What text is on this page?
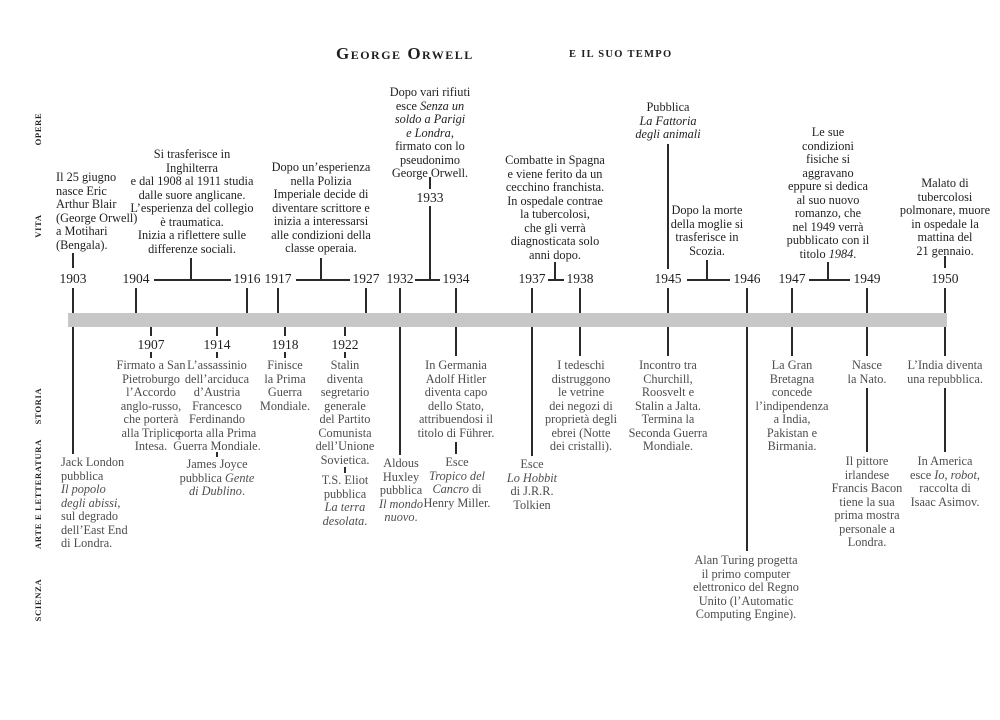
George Orwell	E IL SUO TEMPO
OPERE
VITA
STORIA
ARTE E LETTERATURA
SCIENZA
1903	1904	1916 1917	1927 1932 1934	1937 1938	1945	1946 1947	1949	1950
1933
1907	1914	1918 1922
Il 25 giugno
nasce Eric
Arthur Blair
(George Orwell)
a Motihari
(Bengala).
Si trasferisce in
Inghilterra
e dal 1908 al 1911 studia
dalle suore anglicane.
L’esperienza del collegio
è traumatica.
Inizia a riflettere sulle
differenze sociali.
Dopo un’esperienza
nella Polizia
Imperiale decide di
diventare scrittore e
inizia a interessarsi
alle condizioni della
classe operaia.
Dopo vari rifiuti
esce Senza un
soldo a Parigi
e Londra,
firmato con lo
pseudonimo
George Orwell.
Combatte in Spagna
e viene ferito da un
cecchino franchista.
In ospedale contrae
la tubercolosi,
che gli verrà
diagnosticata solo
anni dopo.
Pubblica
La Fattoria
degli animali
Dopo la morte
della moglie si
trasferisce in
Scozia.
Le sue
condizioni
fisiche si
aggravano
eppure si dedica
al suo nuovo
romanzo, che
nel 1949 verrà
pubblicato con il
titolo 1984.
Malato di
tubercolosi
polmonare, muore
in ospedale la
mattina del
21 gennaio.
Firmato a San
Pietroburgo
l’Accordo
anglo-russo,
che porterà
alla Triplice
Intesa.
L’assassinio
dell’arciduca
d’Austria
Francesco
Ferdinando
porta alla Prima
Guerra Mondiale.
Finisce
la Prima
Guerra
Mondiale.
Stalin
diventa
segretario
generale
del Partito
Comunista
dell’Unione
Sovietica.
In Germania
Adolf Hitler
diventa capo
dello Stato,
attribuendosi il
titolo di Führer.
I tedeschi
distruggono
le vetrine
dei negozi di
proprietà degli
ebrei (Notte
dei cristalli).
Incontro tra
Churchill,
Roosvelt e
Stalin a Jalta.
Termina la
Seconda Guerra
Mondiale.
La Gran
Bretagna
concede
l’indipendenza
a India,
Pakistan e
Birmania.
Nasce
la Nato.
L’India diventa
una repubblica.
Jack London
pubblica
Il popolo
degli abissi,
sul degrado
dell’East End
di Londra.
James Joyce
pubblica Gente
di Dublino.
T.S. Eliot
pubblica
La terra
desolata.
Aldous
Huxley
pubblica
Il mondo
nuovo.
Esce
Tropico del
Cancro di
Henry Miller.
Esce
Lo Hobbit
di J.R.R.
Tolkien
Il pittore
irlandese
Francis Bacon
tiene la sua
prima mostra
personale a
Londra.
In America
esce Io, robot,
raccolta di
Isaac Asimov.
Alan Turing progetta
il primo computer
elettronico del Regno
Unito (l’Automatic
Computing Engine).
